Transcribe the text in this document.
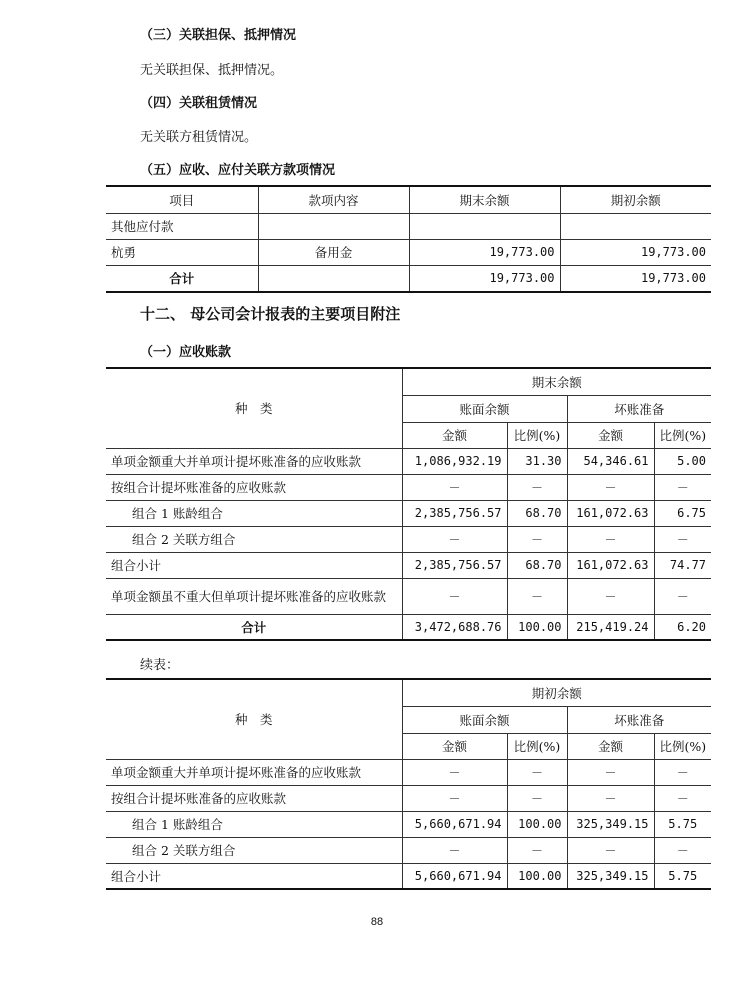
（三）关联担保、抵押情况
无关联担保、抵押情况。
（四）关联租赁情况
无关联方租赁情况。
（五）应收、应付关联方款项情况
项目	款项内容	期末余额	期初余额
其他应付款			
杭勇	备用金	19,773.00	19,773.00
合计		19,773.00	19,773.00
十二、 母公司会计报表的主要项目附注
（一）应收账款
种　类	期末余额			
	账面余额		坏账准备	
	金额	比例(%)	金额	比例(%)
单项金额重大并单项计提坏账准备的应收账款	1,086,932.19	31.30	54,346.61	5.00
按组合计提坏账准备的应收账款	－	－	－	－
组合 1 账龄组合	2,385,756.57	68.70	161,072.63	6.75
组合 2 关联方组合	－	－	－	－
组合小计	2,385,756.57	68.70	161,072.63	74.77
单项金额虽不重大但单项计提坏账准备的应收账款	－	－	－	－
合计	3,472,688.76	100.00	215,419.24	6.20
续表：
种　类	期初余额			
	账面余额		坏账准备	
	金额	比例(%)	金额	比例(%)
单项金额重大并单项计提坏账准备的应收账款	－	－	－	－
按组合计提坏账准备的应收账款	－	－	－	－
组合 1 账龄组合	5,660,671.94	100.00	325,349.15	5.75
组合 2 关联方组合	－	－	－	－
组合小计	5,660,671.94	100.00	325,349.15	5.75
88
